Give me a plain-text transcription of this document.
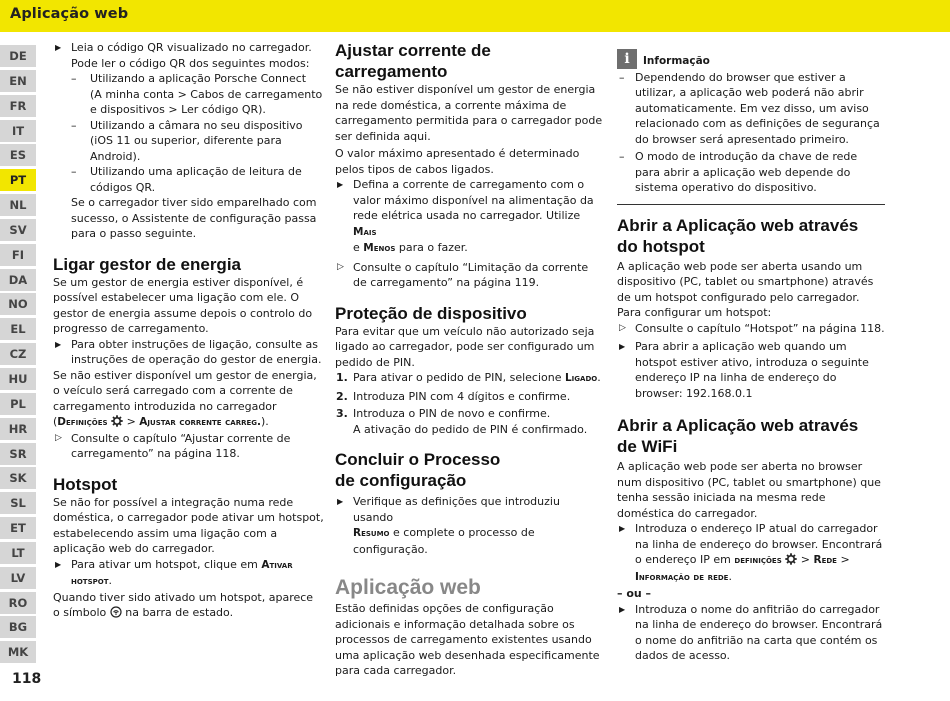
Aplicação web
DE
EN
FR
IT
ES
PT
NL
SV
FI
DA
NO
EL
CZ
HU
PL
HR
SR
SK
SL
ET
LT
LV
RO
BG
MK
118

▶ Leia o código QR visualizado no carregador.
Pode ler o código QR dos seguintes modos:

– Utilizando a aplicação Porsche Connect
(A minha conta > Cabos de carregamento
e dispositivos > Ler código QR).

– Utilizando a câmara no seu dispositivo
(iOS 11 ou superior, diferente para Android).

– Utilizando uma aplicação de leitura de
códigos QR.

Se o carregador tiver sido emparelhado com sucesso, o Assistente de configuração passa para o passo seguinte.

Ligar gestor de energia

Se um gestor de energia estiver disponível, é possível estabelecer uma ligação com ele. O gestor de energia assume depois o controlo do progresso de carregamento.

▶ Para obter instruções de ligação, consulte as instruções de operação do gestor de energia.

Se não estiver disponível um gestor de energia, o veículo será carregado com a corrente de carregamento introduzida no carregador
(Definições > Ajustar corrente carreg.).

▷ Consulte o capítulo “Ajustar corrente de carregamento” na página 118.

Hotspot

Se não for possível a integração numa rede doméstica, o carregador pode ativar um hotspot, estabelecendo assim uma ligação com a aplicação web do carregador.

▶ Para ativar um hotspot, clique em Ativar hotspot.

Quando tiver sido ativado um hotspot, aparece
o símbolo na barra de estado.

Ajustar corrente de carregamento

Se não estiver disponível um gestor de energia na rede doméstica, a corrente máxima de carregamento permitida para o carregador pode ser definida aqui.

O valor máximo apresentado é determinado pelos tipos de cabos ligados.

▶ Defina a corrente de carregamento com o valor máximo disponível na alimentação da rede elétrica usada no carregador. Utilize Mais
e Menos para o fazer.

▷ Consulte o capítulo “Limitação da corrente de carregamento” na página 119.

Proteção de dispositivo

Para evitar que um veículo não autorizado seja ligado ao carregador, pode ser configurado um pedido de PIN.

1. Para ativar o pedido de PIN, selecione Ligado.

2. Introduza PIN com 4 dígitos e confirme.

3. Introduza o PIN de novo e confirme.
A ativação do pedido de PIN é confirmado.

Concluir o Processo
de configuração

▶ Verifique as definições que introduziu usando
Resumo e complete o processo de configuração.

Aplicação web

Estão definidas opções de configuração adicionais e informação detalhada sobre os processos de carregamento existentes usando uma aplicação web desenhada especificamente para cada carregador.

i	Informação

– Dependendo do browser que estiver a utilizar, a aplicação web poderá não abrir automaticamente. Em vez disso, um aviso relacionado com as definições de segurança do browser será apresentado primeiro.

– O modo de introdução da chave de rede para abrir a aplicação web depende do sistema operativo do dispositivo.

Abrir a Aplicação web através
do hotspot

A aplicação web pode ser aberta usando um dispositivo (PC, tablet ou smartphone) através de um hotspot configurado pelo carregador.

Para configurar um hotspot:

▷ Consulte o capítulo “Hotspot” na página 118.

▶ Para abrir a aplicação web quando um hotspot estiver ativo, introduza o seguinte endereço IP na linha de endereço do browser: 192.168.0.1

Abrir a Aplicação web através
de WiFi

A aplicação web pode ser aberta no browser num dispositivo (PC, tablet ou smartphone) que tenha sessão iniciada na mesma rede doméstica do carregador.

▶ Introduza o endereço IP atual do carregador na linha de endereço do browser. Encontrará o endereço IP em definições > Rede >
Informação de rede.

– ou –

▶ Introduza o nome do anfitrião do carregador na linha de endereço do browser. Encontrará o nome do anfitrião na carta que contém os dados de acesso.
